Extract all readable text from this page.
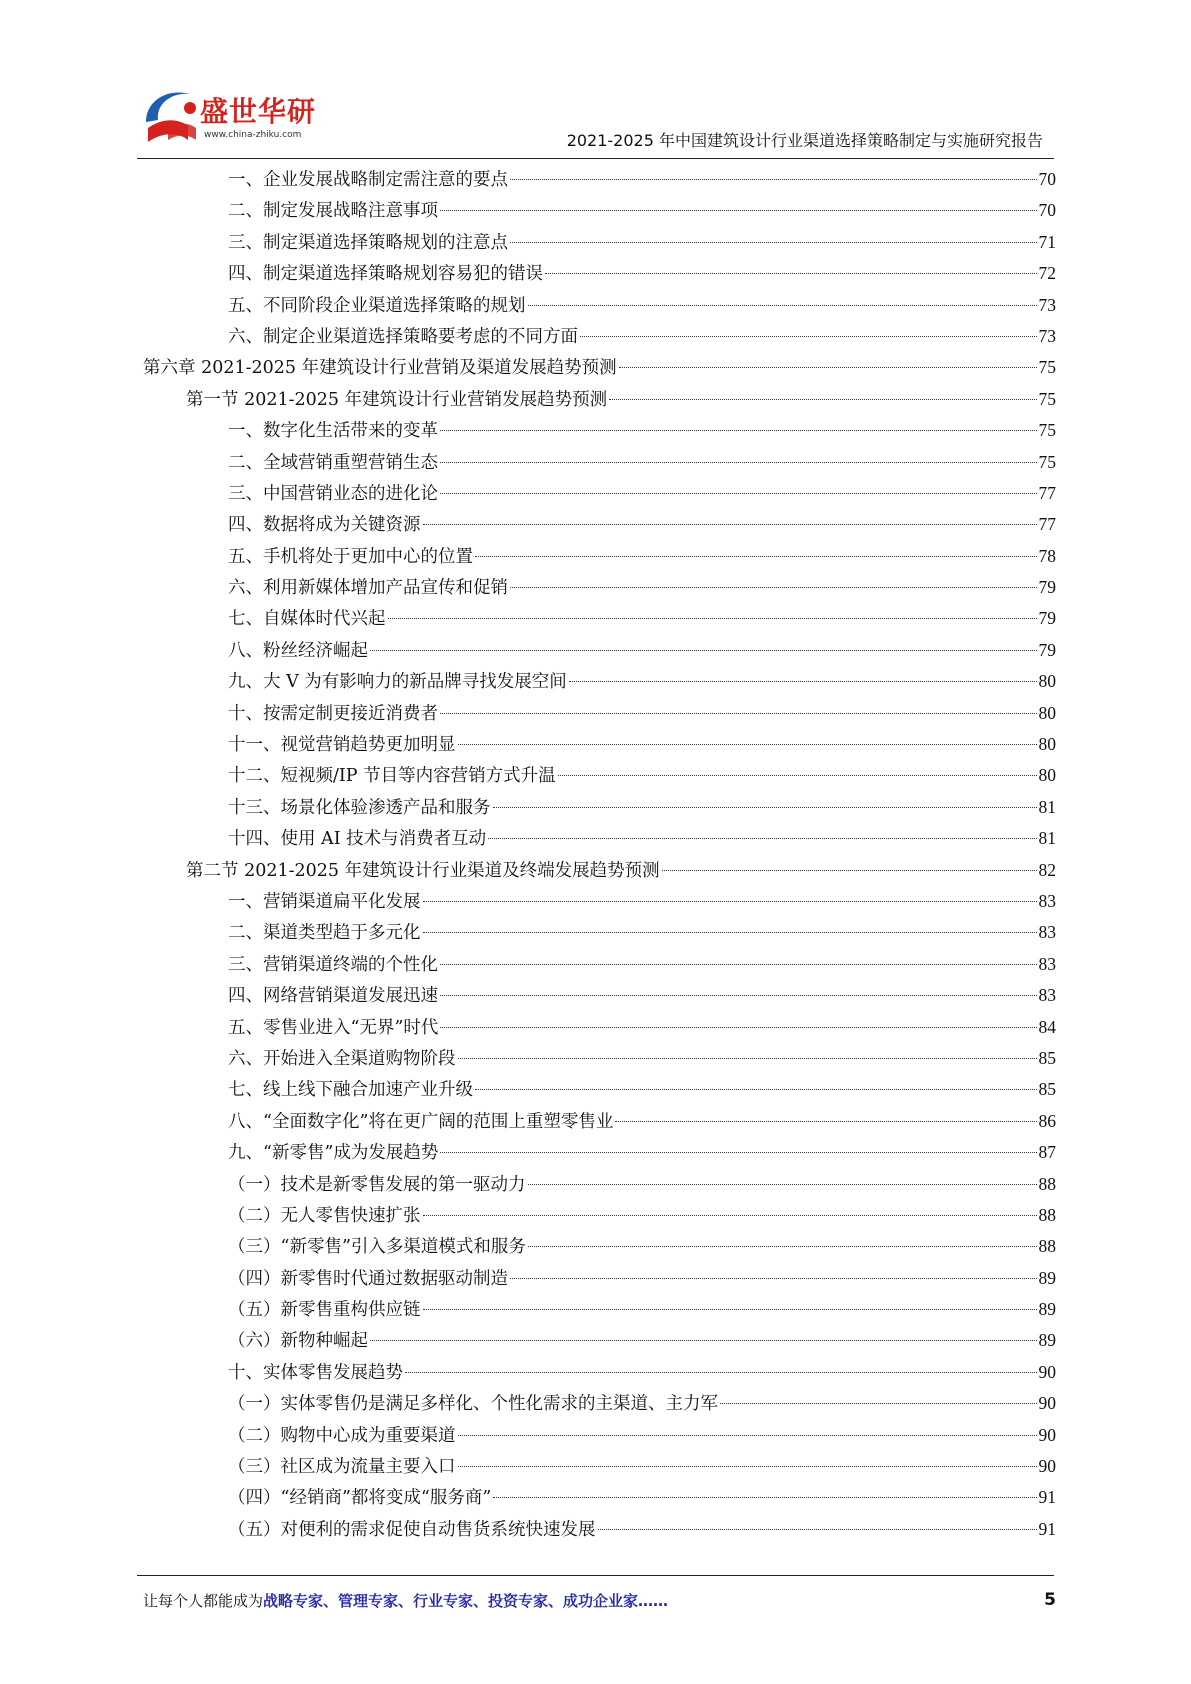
盛世华研
www.china-zhiku.com	2021-2025 年中国建筑设计行业渠道选择策略制定与实施研究报告
一、企业发展战略制定需注意的要点	70
二、制定发展战略注意事项	70
三、制定渠道选择策略规划的注意点	71
四、制定渠道选择策略规划容易犯的错误	72
五、不同阶段企业渠道选择策略的规划	73
六、制定企业渠道选择策略要考虑的不同方面	73
第六章 2021-2025 年建筑设计行业营销及渠道发展趋势预测	75
第一节 2021-2025 年建筑设计行业营销发展趋势预测	75
一、数字化生活带来的变革	75
二、全域营销重塑营销生态	75
三、中国营销业态的进化论	77
四、数据将成为关键资源	77
五、手机将处于更加中心的位置	78
六、利用新媒体增加产品宣传和促销	79
七、自媒体时代兴起	79
八、粉丝经济崛起	79
九、大 V 为有影响力的新品牌寻找发展空间	80
十、按需定制更接近消费者	80
十一、视觉营销趋势更加明显	80
十二、短视频/IP 节目等内容营销方式升温	80
十三、场景化体验渗透产品和服务	81
十四、使用 AI 技术与消费者互动	81
第二节 2021-2025 年建筑设计行业渠道及终端发展趋势预测	82
一、营销渠道扁平化发展	83
二、渠道类型趋于多元化	83
三、营销渠道终端的个性化	83
四、网络营销渠道发展迅速	83
五、零售业进入“无界”时代	84
六、开始进入全渠道购物阶段	85
七、线上线下融合加速产业升级	85
八、“全面数字化”将在更广阔的范围上重塑零售业	86
九、“新零售”成为发展趋势	87
（一）技术是新零售发展的第一驱动力	88
（二）无人零售快速扩张	88
（三）“新零售”引入多渠道模式和服务	88
（四）新零售时代通过数据驱动制造	89
（五）新零售重构供应链	89
（六）新物种崛起	89
十、实体零售发展趋势	90
（一）实体零售仍是满足多样化、个性化需求的主渠道、主力军	90
（二）购物中心成为重要渠道	90
（三）社区成为流量主要入口	90
（四）“经销商”都将变成“服务商”	91
（五）对便利的需求促使自动售货系统快速发展	91
让每个人都能成为战略专家、管理专家、行业专家、投资专家、成功企业家……	5
